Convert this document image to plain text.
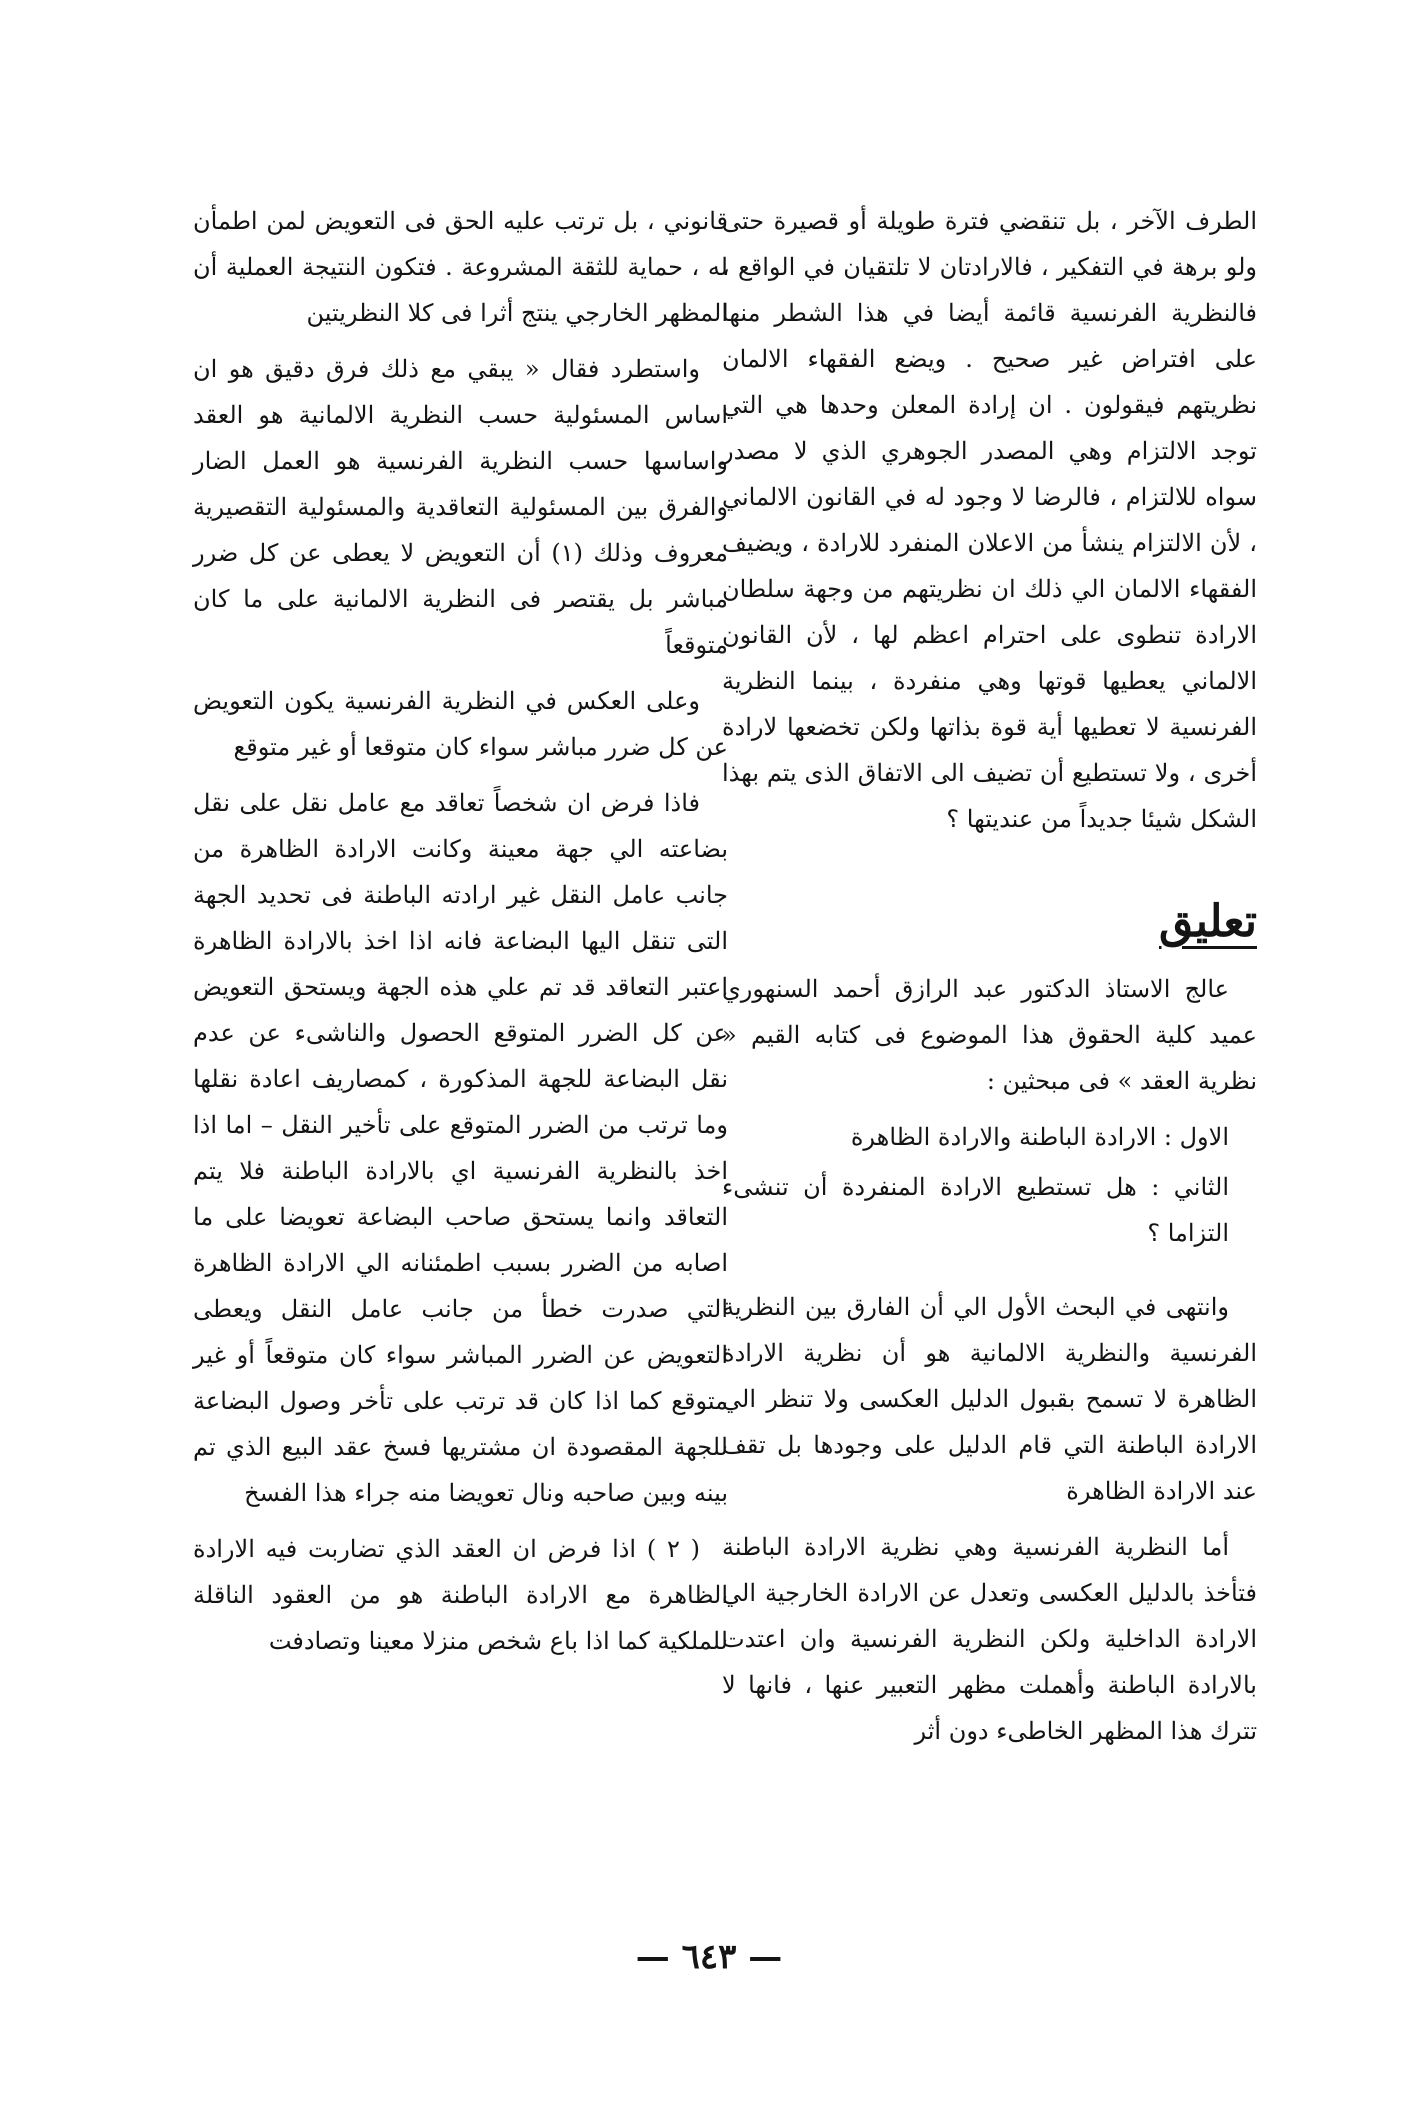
الطرف الآخر ، بل تنقضي فترة طويلة أو قصيرة حتى ولو برهة في التفكير ، فالارادتان لا تلتقيان في الواقع ، فالنظرية الفرنسية قائمة أيضا في هذا الشطر منها على افتراض غير صحيح . ويضع الفقهاء الالمان نظريتهم فيقولون . ان إرادة المعلن وحدها هي التي توجد الالتزام وهي المصدر الجوهري الذي لا مصدر سواه للالتزام ، فالرضا لا وجود له في القانون الالماني ، لأن الالتزام ينشأ من الاعلان المنفرد للارادة ، ويضيف الفقهاء الالمان الي ذلك ان نظريتهم من وجهة سلطان الارادة تنطوى على احترام اعظم لها ، لأن القانون الالماني يعطيها قوتها وهي منفردة ، بينما النظرية الفرنسية لا تعطيها أية قوة بذاتها ولكن تخضعها لارادة أخرى ، ولا تستطيع أن تضيف الى الاتفاق الذى يتم بهذا الشكل شيئا جديداً من عنديتها ؟

تعليق

عالج الاستاذ الدكتور عبد الرازق أحمد السنهوري عميد كلية الحقوق هذا الموضوع فى كتابه القيم « نظرية العقد » فى مبحثين :

الاول : الارادة الباطنة والارادة الظاهرة

الثاني : هل تستطيع الارادة المنفردة أن تنشىء التزاما ؟

وانتهى في البحث الأول الي أن الفارق بين النظرية الفرنسية والنظرية الالمانية هو أن نظرية الارادة الظاهرة لا تسمح بقبول الدليل العكسى ولا تنظر الي الارادة الباطنة التي قام الدليل على وجودها بل تقف عند الارادة الظاهرة

أما النظرية الفرنسية وهي نظرية الارادة الباطنة فتأخذ بالدليل العكسى وتعدل عن الارادة الخارجية الي الارادة الداخلية ولكن النظرية الفرنسية وان اعتدت بالارادة الباطنة وأهملت مظهر التعبير عنها ، فانها لا تترك هذا المظهر الخاطىء دون أثر

قانوني ، بل ترتب عليه الحق فى التعويض لمن اطمأن له ، حماية للثقة المشروعة . فتكون النتيجة العملية أن المظهر الخارجي ينتج أثرا فى كلا النظريتين

واستطرد فقال « يبقي مع ذلك فرق دقيق هو ان اساس المسئولية حسب النظرية الالمانية هو العقد واساسها حسب النظرية الفرنسية هو العمل الضار والفرق بين المسئولية التعاقدية والمسئولية التقصيرية معروف وذلك (١) أن التعويض لا يعطى عن كل ضرر مباشر بل يقتصر فى النظرية الالمانية على ما كان متوقعاً

وعلى العكس في النظرية الفرنسية يكون التعويض عن كل ضرر مباشر سواء كان متوقعا أو غير متوقع

فاذا فرض ان شخصاً تعاقد مع عامل نقل على نقل بضاعته الي جهة معينة وكانت الارادة الظاهرة من جانب عامل النقل غير ارادته الباطنة فى تحديد الجهة التى تنقل اليها البضاعة فانه اذا اخذ بالارادة الظاهرة اعتبر التعاقد قد تم علي هذه الجهة ويستحق التعويض عن كل الضرر المتوقع الحصول والناشىء عن عدم نقل البضاعة للجهة المذكورة ، كمصاريف اعادة نقلها وما ترتب من الضرر المتوقع على تأخير النقل – اما اذا اخذ بالنظرية الفرنسية اي بالارادة الباطنة فلا يتم التعاقد وانما يستحق صاحب البضاعة تعويضا على ما اصابه من الضرر بسبب اطمئنانه الي الارادة الظاهرة التي صدرت خطأ من جانب عامل النقل ويعطى التعويض عن الضرر المباشر سواء كان متوقعاً أو غير متوقع كما اذا كان قد ترتب على تأخر وصول البضاعة للجهة المقصودة ان مشتريها فسخ عقد البيع الذي تم بينه وبين صاحبه ونال تعويضا منه جراء هذا الفسخ

( ٢ ) اذا فرض ان العقد الذي تضاربت فيه الارادة الظاهرة مع الارادة الباطنة هو من العقود الناقلة للملكية كما اذا باع شخص منزلا معينا وتصادفت

— ٦٤٣ —
